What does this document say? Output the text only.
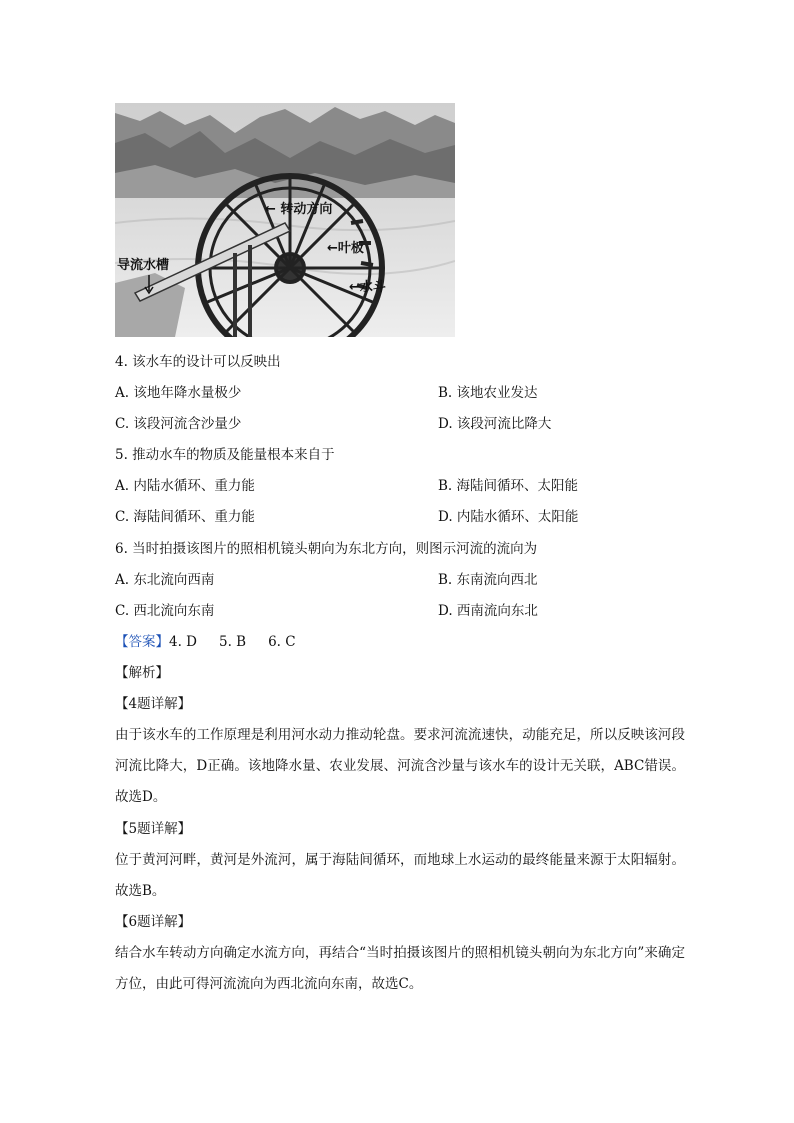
← 转动方向
←叶板
←水斗
导流水槽
4. 该水车的设计可以反映出
A. 该地年降水量极少	B. 该地农业发达
C. 该段河流含沙量少	D. 该段河流比降大
5. 推动水车的物质及能量根本来自于
A. 内陆水循环、重力能	B. 海陆间循环、太阳能
C. 海陆间循环、重力能	D. 内陆水循环、太阳能
6. 当时拍摄该图片的照相机镜头朝向为东北方向，则图示河流的流向为
A. 东北流向西南	B. 东南流向西北
C. 西北流向东南	D. 西南流向东北
【答案】4. D 5. B 6. C
【解析】
【4题详解】
由于该水车的工作原理是利用河水动力推动轮盘。要求河流流速快，动能充足，所以反映该河段河流比降大，D正确。该地降水量、农业发展、河流含沙量与该水车的设计无关联，ABC错误。故选D。
【5题详解】
位于黄河河畔，黄河是外流河，属于海陆间循环，而地球上水运动的最终能量来源于太阳辐射。故选B。
【6题详解】
结合水车转动方向确定水流方向，再结合“当时拍摄该图片的照相机镜头朝向为东北方向”来确定方位，由此可得河流流向为西北流向东南，故选C。
